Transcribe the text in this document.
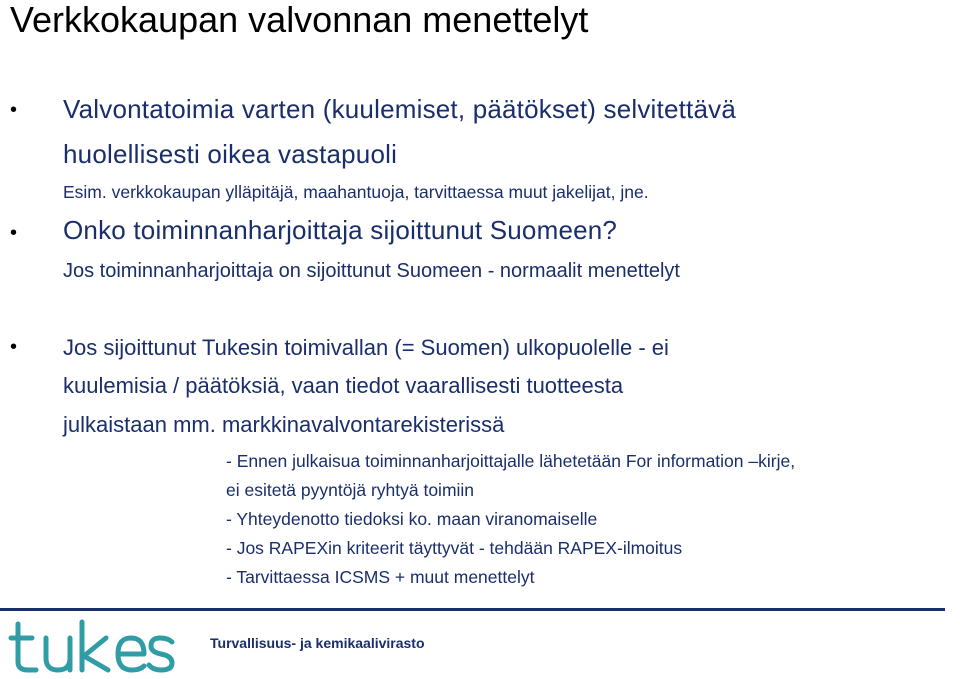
Verkkokaupan valvonnan menettelyt
• Valvontatoimia varten (kuulemiset, päätökset) selvitettävä

huolellisesti oikea vastapuoli

Esim. verkkokaupan ylläpitäjä, maahantuoja, tarvittaessa muut jakelijat, jne.

• Onko toiminnanharjoittaja sijoittunut Suomeen?

Jos toiminnanharjoittaja on sijoittunut Suomeen - normaalit menettelyt

• Jos sijoittunut Tukesin toimivallan (= Suomen) ulkopuolelle - ei

kuulemisia / päätöksiä, vaan tiedot vaarallisesti tuotteesta

julkaistaan mm. markkinavalvontarekisterissä

- Ennen julkaisua toiminnanharjoittajalle lähetetään For information –kirje,

ei esitetä pyyntöjä ryhtyä toimiin

- Yhteydenotto tiedoksi ko. maan viranomaiselle

- Jos RAPEXin kriteerit täyttyvät - tehdään RAPEX-ilmoitus

- Tarvittaessa ICSMS + muut menettelyt

Turvallisuus- ja kemikaalivirasto
